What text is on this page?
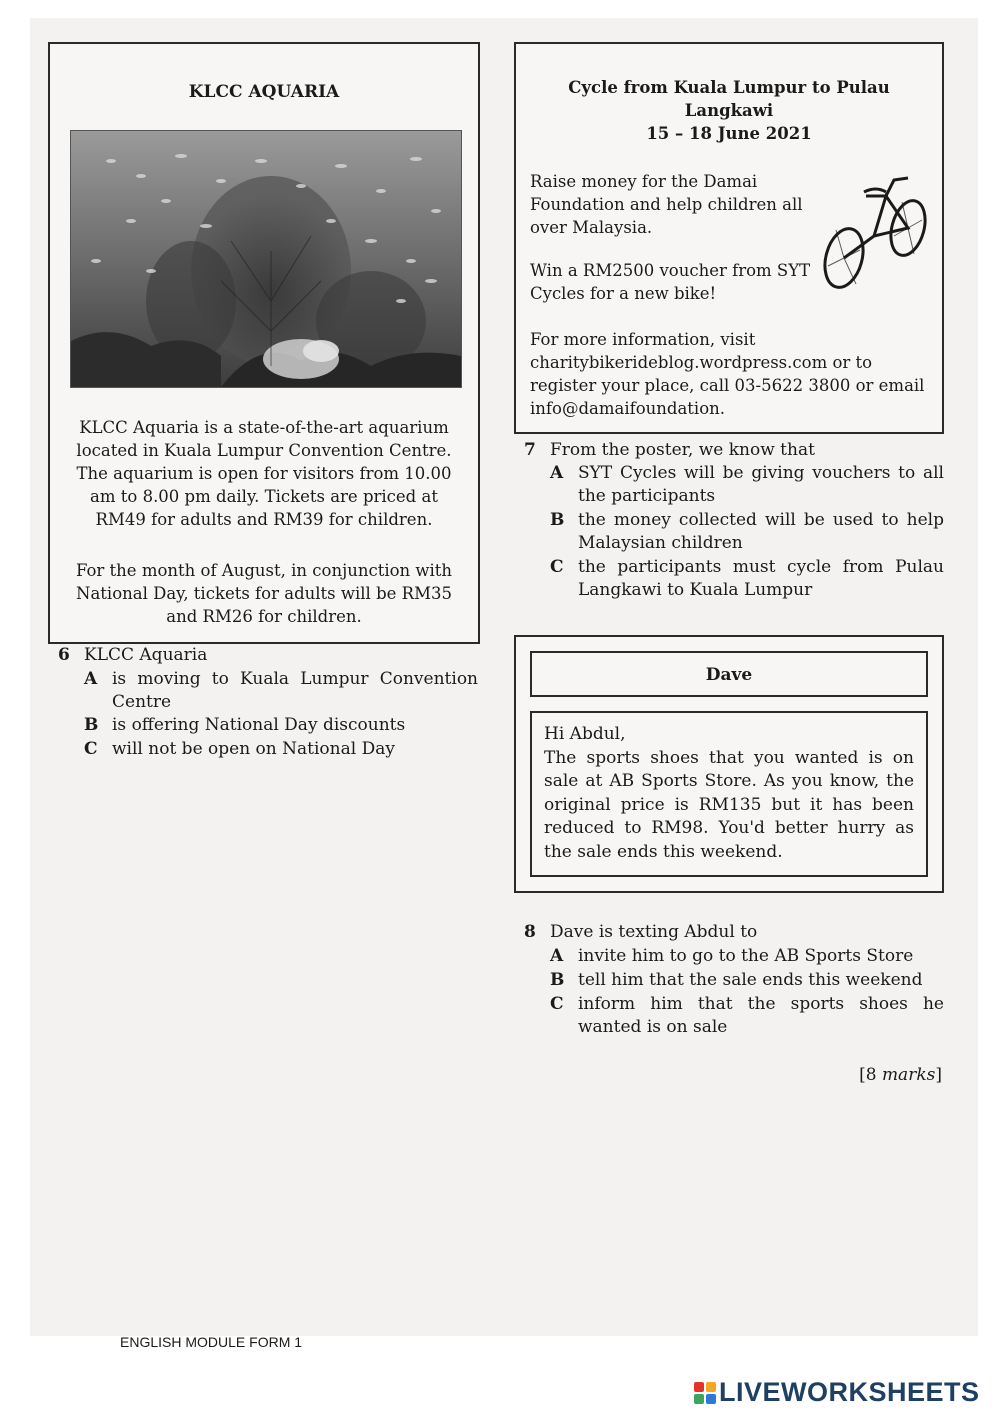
KLCC AQUARIA
KLCC Aquaria is a state-of-the-art aquarium located in Kuala Lumpur Convention Centre. The aquarium is open for visitors from 10.00 am to 8.00 pm daily. Tickets are priced at RM49 for adults and RM39 for children.
For the month of August, in conjunction with National Day, tickets for adults will be RM35 and RM26 for children.
Cycle from Kuala Lumpur to Pulau Langkawi
15 – 18 June 2021
Raise money for the Damai Foundation and help children all over Malaysia.
Win a RM2500 voucher from SYT Cycles for a new bike!
For more information, visit charitybikerideblog.wordpress.com or to register your place, call 03-5622 3800 or email info@damaifoundation.
6 KLCC Aquaria
A is moving to Kuala Lumpur Convention Centre
B is offering National Day discounts
C will not be open on National Day
7 From the poster, we know that
A SYT Cycles will be giving vouchers to all the participants
B the money collected will be used to help Malaysian children
C the participants must cycle from Pulau Langkawi to Kuala Lumpur
Dave
Hi Abdul,
The sports shoes that you wanted is on sale at AB Sports Store. As you know, the original price is RM135 but it has been reduced to RM98. You'd better hurry as the sale ends this weekend.
8 Dave is texting Abdul to
A invite him to go to the AB Sports Store
B tell him that the sale ends this weekend
C inform him that the sports shoes he wanted is on sale
[8 marks]
ENGLISH MODULE FORM 1
LIVEWORKSHEETS
